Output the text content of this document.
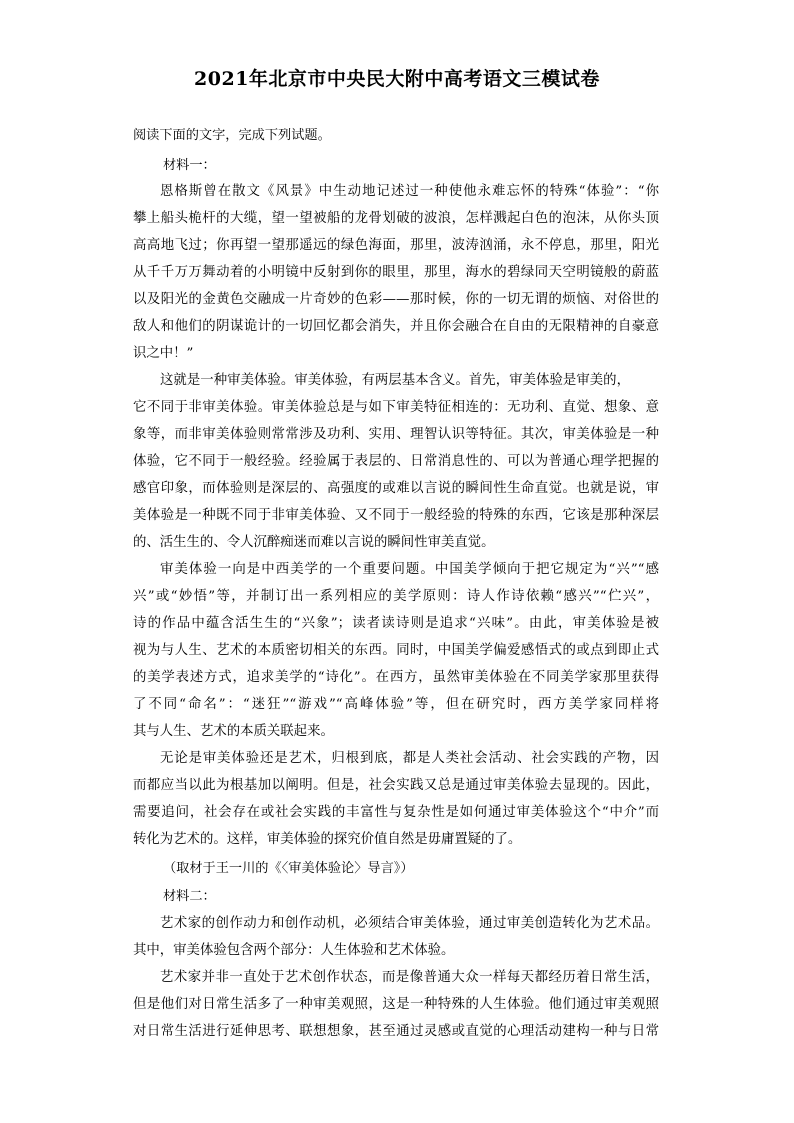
2021年北京市中央民大附中高考语文三模试卷
阅读下面的文字，完成下列试题。
材料一：
恩格斯曾在散文《风景》中生动地记述过一种使他永难忘怀的特殊“体验”：“你
攀上船头桅杆的大缆，望一望被船的龙骨划破的波浪，怎样溅起白色的泡沫，从你头顶
高高地飞过；你再望一望那遥远的绿色海面，那里，波涛汹涌，永不停息，那里，阳光
从千千万万舞动着的小明镜中反射到你的眼里，那里，海水的碧绿同天空明镜般的蔚蓝
以及阳光的金黄色交融成一片奇妙的色彩——那时候，你的一切无谓的烦恼、对俗世的
敌人和他们的阴谋诡计的一切回忆都会消失，并且你会融合在自由的无限精神的自豪意
识之中！”
这就是一种审美体验。审美体验，有两层基本含义。首先，审美体验是审美的，
它不同于非审美体验。审美体验总是与如下审美特征相连的：无功利、直觉、想象、意
象等，而非审美体验则常常涉及功利、实用、理智认识等特征。其次，审美体验是一种
体验，它不同于一般经验。经验属于表层的、日常消息性的、可以为普通心理学把握的
感官印象，而体验则是深层的、高强度的或难以言说的瞬间性生命直觉。也就是说，审
美体验是一种既不同于非审美体验、又不同于一般经验的特殊的东西，它该是那种深层
的、活生生的、令人沉醉痴迷而难以言说的瞬间性审美直觉。
审美体验一向是中西美学的一个重要问题。中国美学倾向于把它规定为“兴”“感
兴”或“妙悟”等，并制订出一系列相应的美学原则：诗人作诗依赖“感兴”“伫兴”，
诗的作品中蕴含活生生的“兴象”；读者读诗则是追求“兴味”。由此，审美体验是被
视为与人生、艺术的本质密切相关的东西。同时，中国美学偏爱感悟式的或点到即止式
的美学表述方式，追求美学的“诗化”。在西方，虽然审美体验在不同美学家那里获得
了不同“命名”：“迷狂”“游戏”“高峰体验”等，但在研究时，西方美学家同样将
其与人生、艺术的本质关联起来。
无论是审美体验还是艺术，归根到底，都是人类社会活动、社会实践的产物，因
而都应当以此为根基加以阐明。但是，社会实践又总是通过审美体验去显现的。因此，
需要追问，社会存在或社会实践的丰富性与复杂性是如何通过审美体验这个“中介”而
转化为艺术的。这样，审美体验的探究价值自然是毋庸置疑的了。
（取材于王一川的《〈审美体验论〉导言》）
材料二：
艺术家的创作动力和创作动机，必须结合审美体验，通过审美创造转化为艺术品。
其中，审美体验包含两个部分：人生体验和艺术体验。
艺术家并非一直处于艺术创作状态，而是像普通大众一样每天都经历着日常生活，
但是他们对日常生活多了一种审美观照，这是一种特殊的人生体验。他们通过审美观照
对日常生活进行延伸思考、联想想象，甚至通过灵感或直觉的心理活动建构一种与日常
